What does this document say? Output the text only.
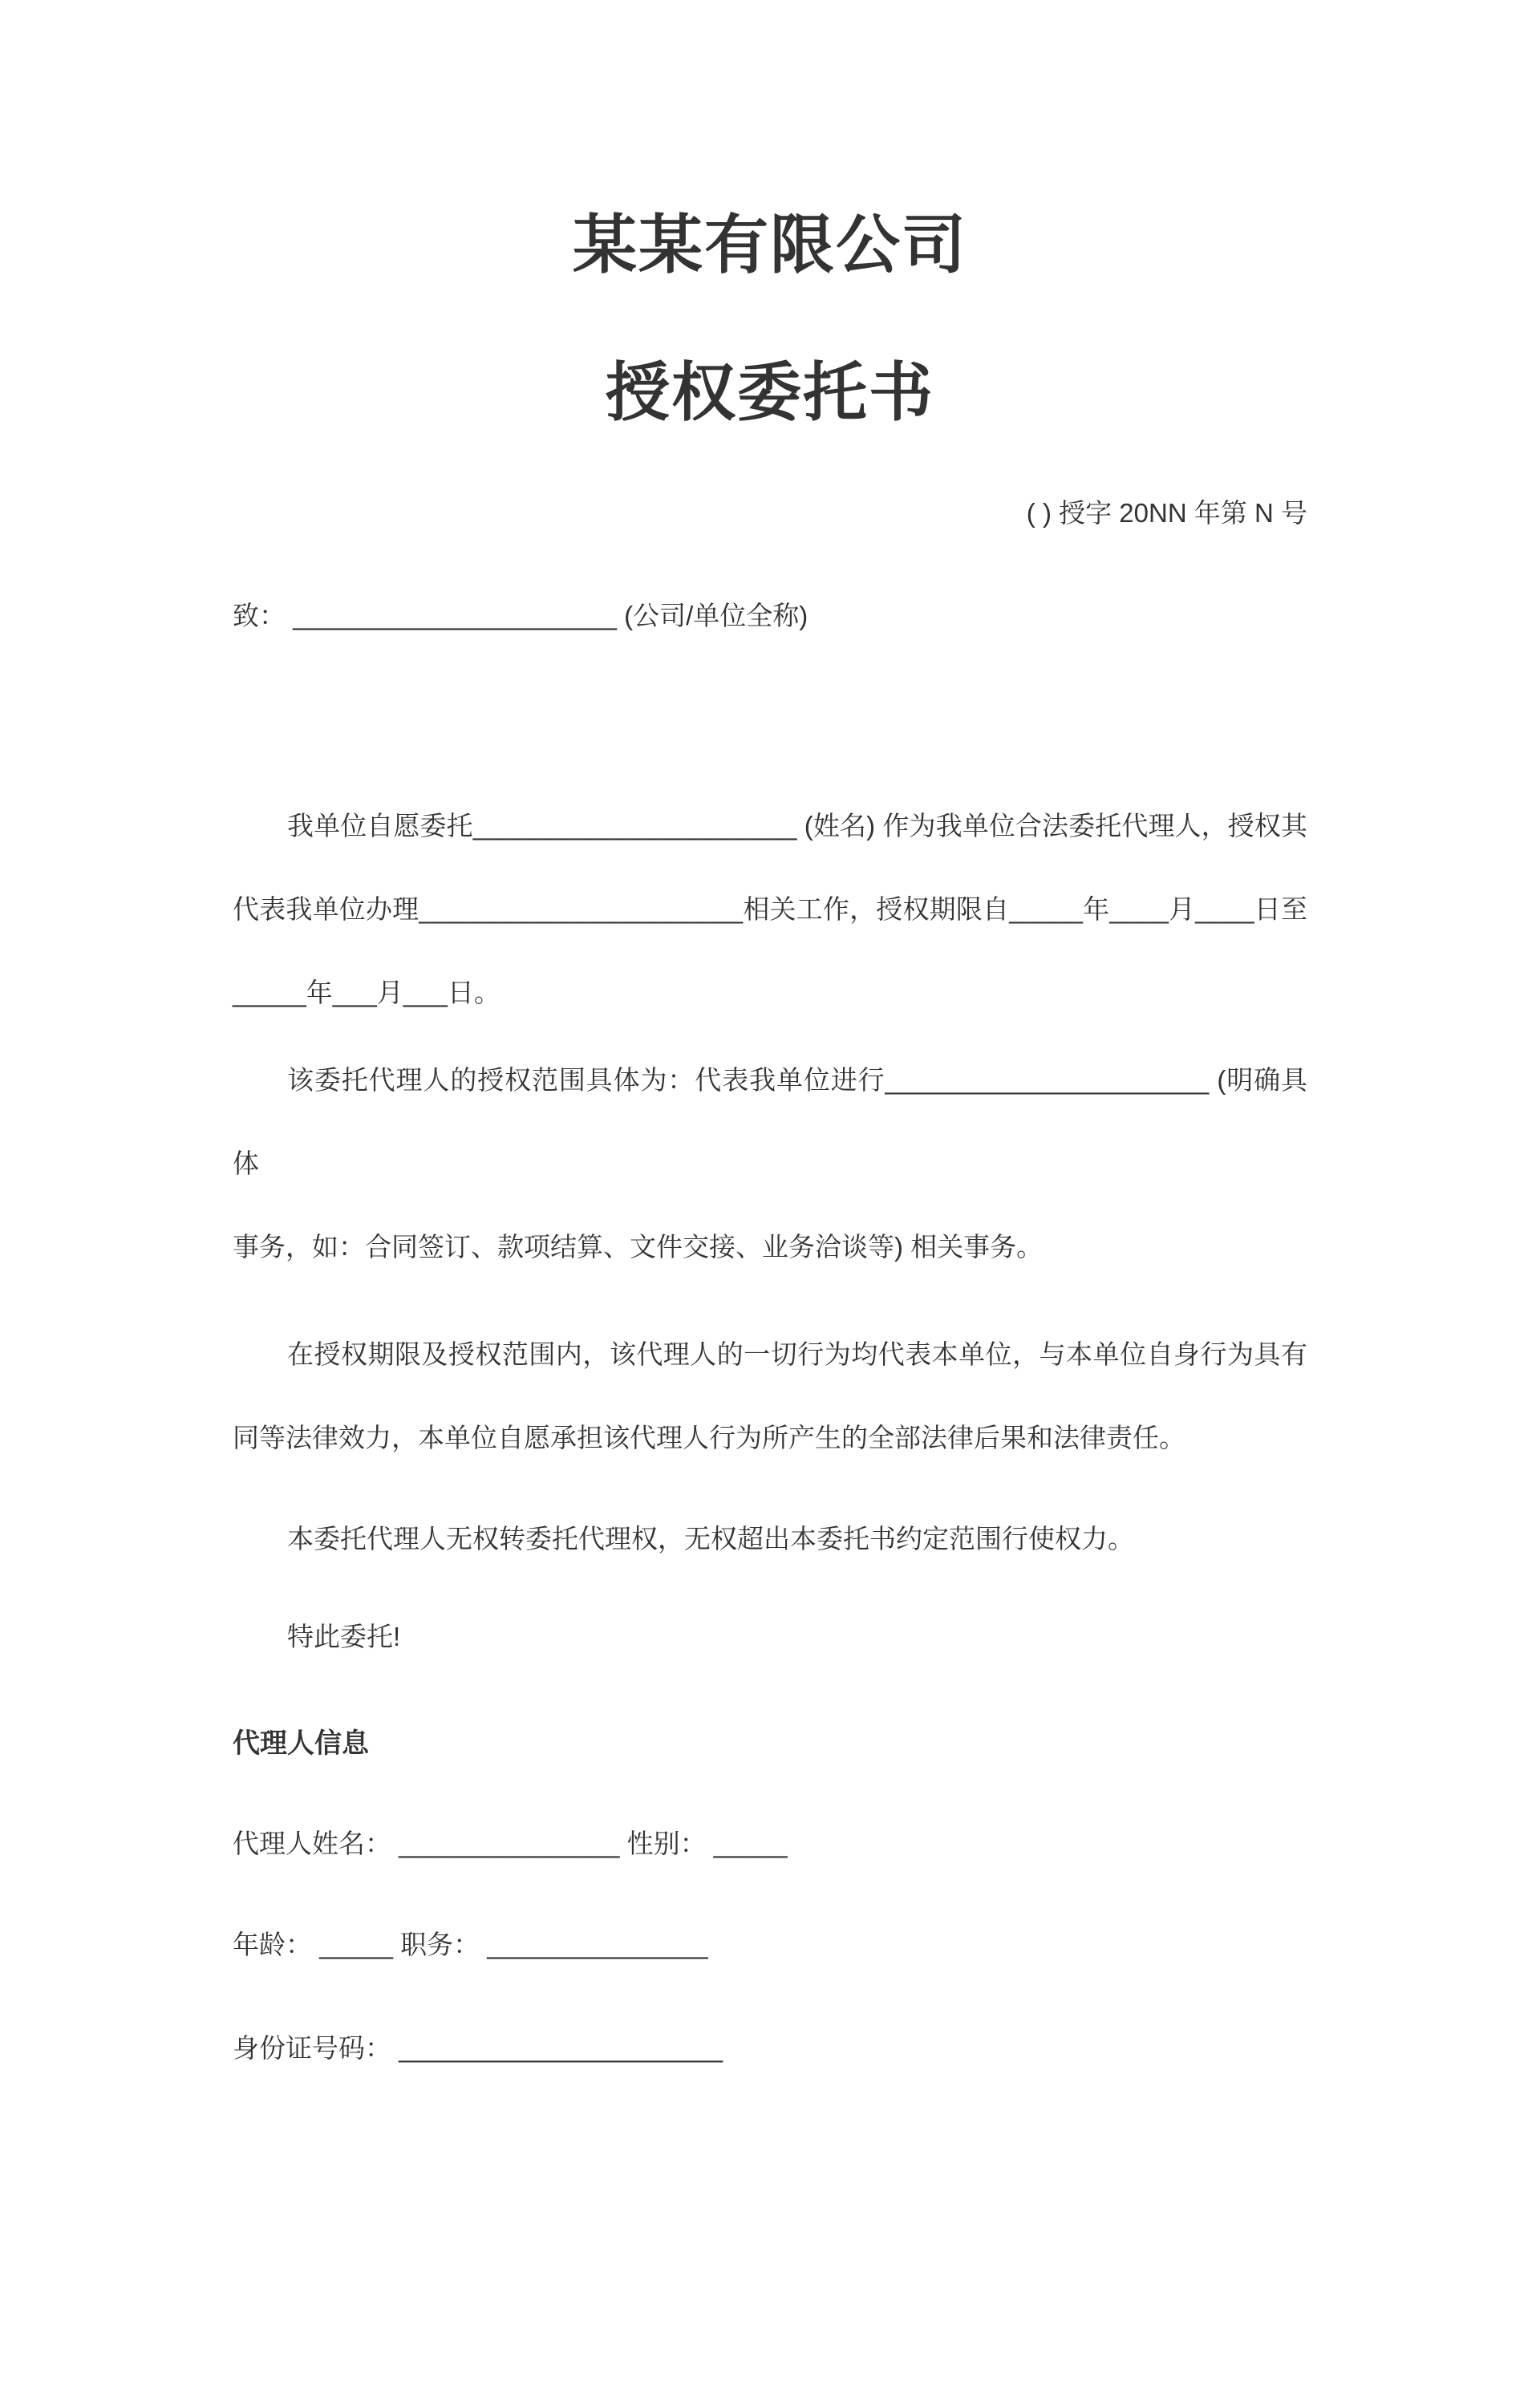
某某有限公司
授权委托书
( ) 授字 20NN 年第 N 号
致： ______________________ (公司/单位全称)
我单位自愿委托______________________ (姓名) 作为我单位合法委托代理人，授权其
代表我单位办理______________________相关工作，授权期限自_____年____月____日至
_____年___月___日。
该委托代理人的授权范围具体为：代表我单位进行______________________ (明确具体
事务，如：合同签订、款项结算、文件交接、业务洽谈等) 相关事务。
在授权期限及授权范围内，该代理人的一切行为均代表本单位，与本单位自身行为具有
同等法律效力，本单位自愿承担该代理人行为所产生的全部法律后果和法律责任。
本委托代理人无权转委托代理权，无权超出本委托书约定范围行使权力。
特此委托!
代理人信息
代理人姓名： _______________ 性别： _____
年龄： _____ 职务： _______________
身份证号码： ______________________
